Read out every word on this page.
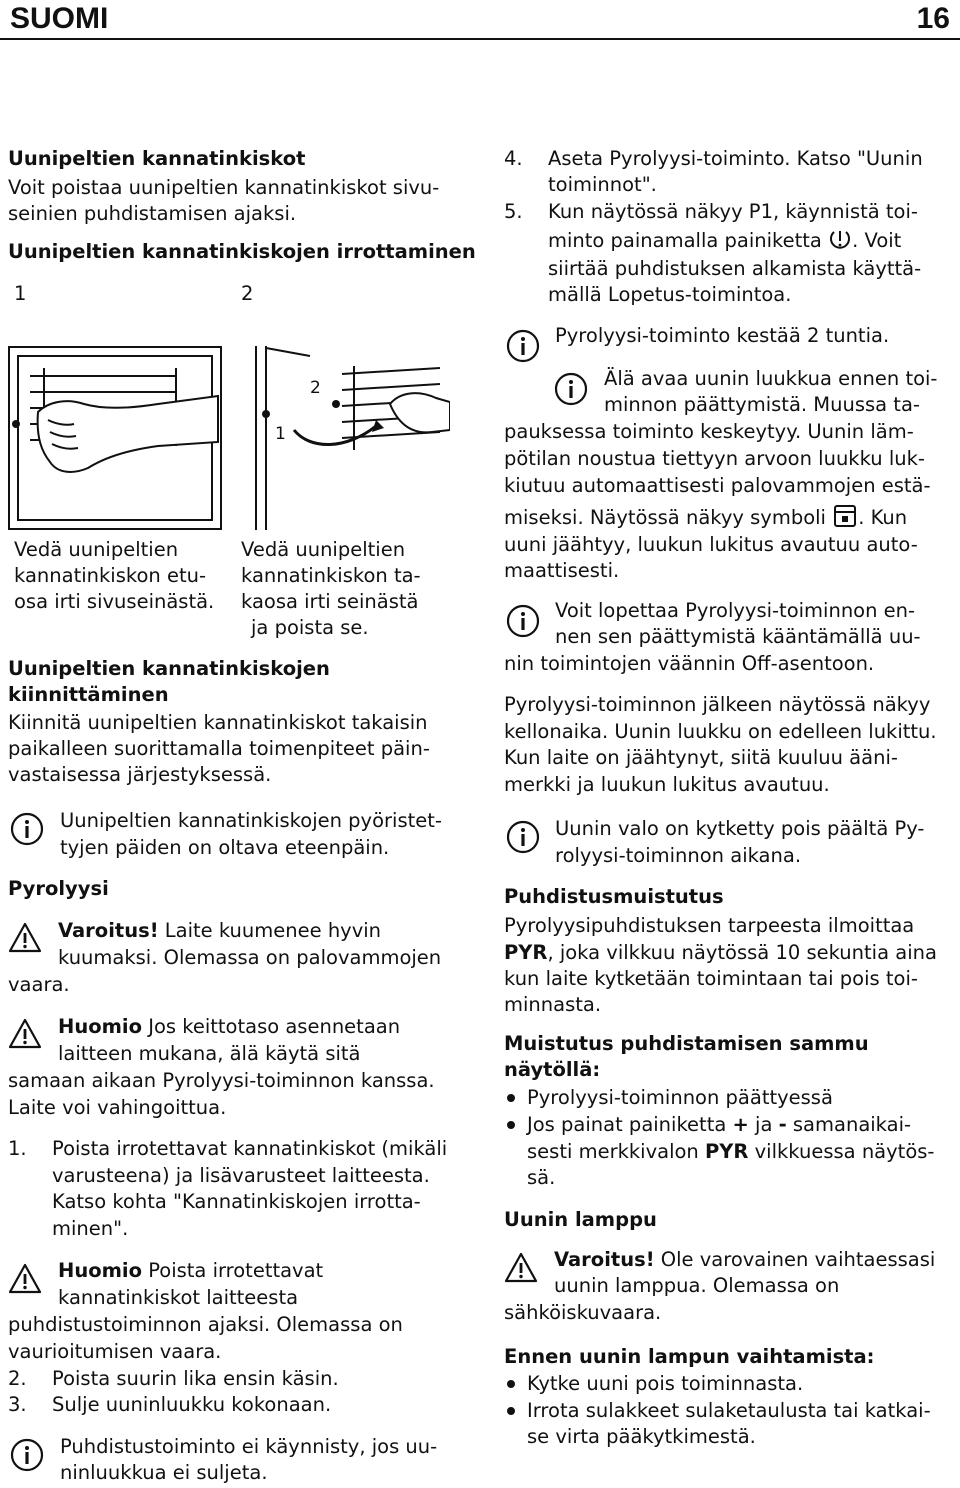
SUOMI	16
Uunipeltien kannatinkiskot
Voit poistaa uunipeltien kannatinkiskot sivu-
seinien puhdistamisen ajaksi.
Uunipeltien kannatinkiskojen irrottaminen
1	2
1
2
Vedä uunipeltien
kannatinkiskon etu-
osa irti sivuseinästä.
Vedä uunipeltien
kannatinkiskon ta-
kaosa irti seinästä
ja poista se.
Uunipeltien kannatinkiskojen
kiinnittäminen
Kiinnitä uunipeltien kannatinkiskot takaisin
paikalleen suorittamalla toimenpiteet päin-
vastaisessa järjestyksessä.
Uunipeltien kannatinkiskojen pyöristet-
tyjen päiden on oltava eteenpäin.
Pyrolyysi
Varoitus! Laite kuumenee hyvin
kuumaksi. Olemassa on palovammojen
vaara.
Huomio Jos keittotaso asennetaan
laitteen mukana, älä käytä sitä
samaan aikaan Pyrolyysi-toiminnon kanssa.
Laite voi vahingoittua.
1. Poista irrotettavat kannatinkiskot (mikäli
varusteena) ja lisävarusteet laitteesta.
Katso kohta "Kannatinkiskojen irrotta-
minen".
Huomio Poista irrotettavat
kannatinkiskot laitteesta
puhdistustoiminnon ajaksi. Olemassa on
vaurioitumisen vaara.
2. Poista suurin lika ensin käsin.
3. Sulje uuninluukku kokonaan.
Puhdistustoiminto ei käynnisty, jos uu-
ninluukkua ei suljeta.
4. Aseta Pyrolyysi-toiminto. Katso "Uunin
toiminnot".
5. Kun näytössä näkyy P1, käynnistä toi-
minto painamalla painiketta . Voit
siirtää puhdistuksen alkamista käyttä-
mällä Lopetus-toimintoa.
Pyrolyysi-toiminto kestää 2 tuntia.
Älä avaa uunin luukkua ennen toi-
minnon päättymistä. Muussa ta-
pauksessa toiminto keskeytyy. Uunin läm-
pötilan noustua tiettyyn arvoon luukku luk-
kiutuu automaattisesti palovammojen estä-
miseksi. Näytössä näkyy symboli . Kun
uuni jäähtyy, luukun lukitus avautuu auto-
maattisesti.
Voit lopettaa Pyrolyysi-toiminnon en-
nen sen päättymistä kääntämällä uu-
nin toimintojen väännin Off-asentoon.
Pyrolyysi-toiminnon jälkeen näytössä näkyy
kellonaika. Uunin luukku on edelleen lukittu.
Kun laite on jäähtynyt, siitä kuuluu ääni-
merkki ja luukun lukitus avautuu.
Uunin valo on kytketty pois päältä Py-
rolyysi-toiminnon aikana.
Puhdistusmuistutus
Pyrolyysipuhdistuksen tarpeesta ilmoittaa
PYR, joka vilkkuu näytössä 10 sekuntia aina
kun laite kytketään toimintaan tai pois toi-
minnasta.
Muistutus puhdistamisen sammu
näytöllä:
Pyrolyysi-toiminnon päättyessä
Jos painat painiketta + ja - samanaikai-
sesti merkkivalon PYR vilkkuessa näytös-
sä.
Uunin lamppu
Varoitus! Ole varovainen vaihtaessasi
uunin lamppua. Olemassa on
sähköiskuvaara.
Ennen uunin lampun vaihtamista:
Kytke uuni pois toiminnasta.
Irrota sulakkeet sulaketaulusta tai katkai-
se virta pääkytkimestä.
